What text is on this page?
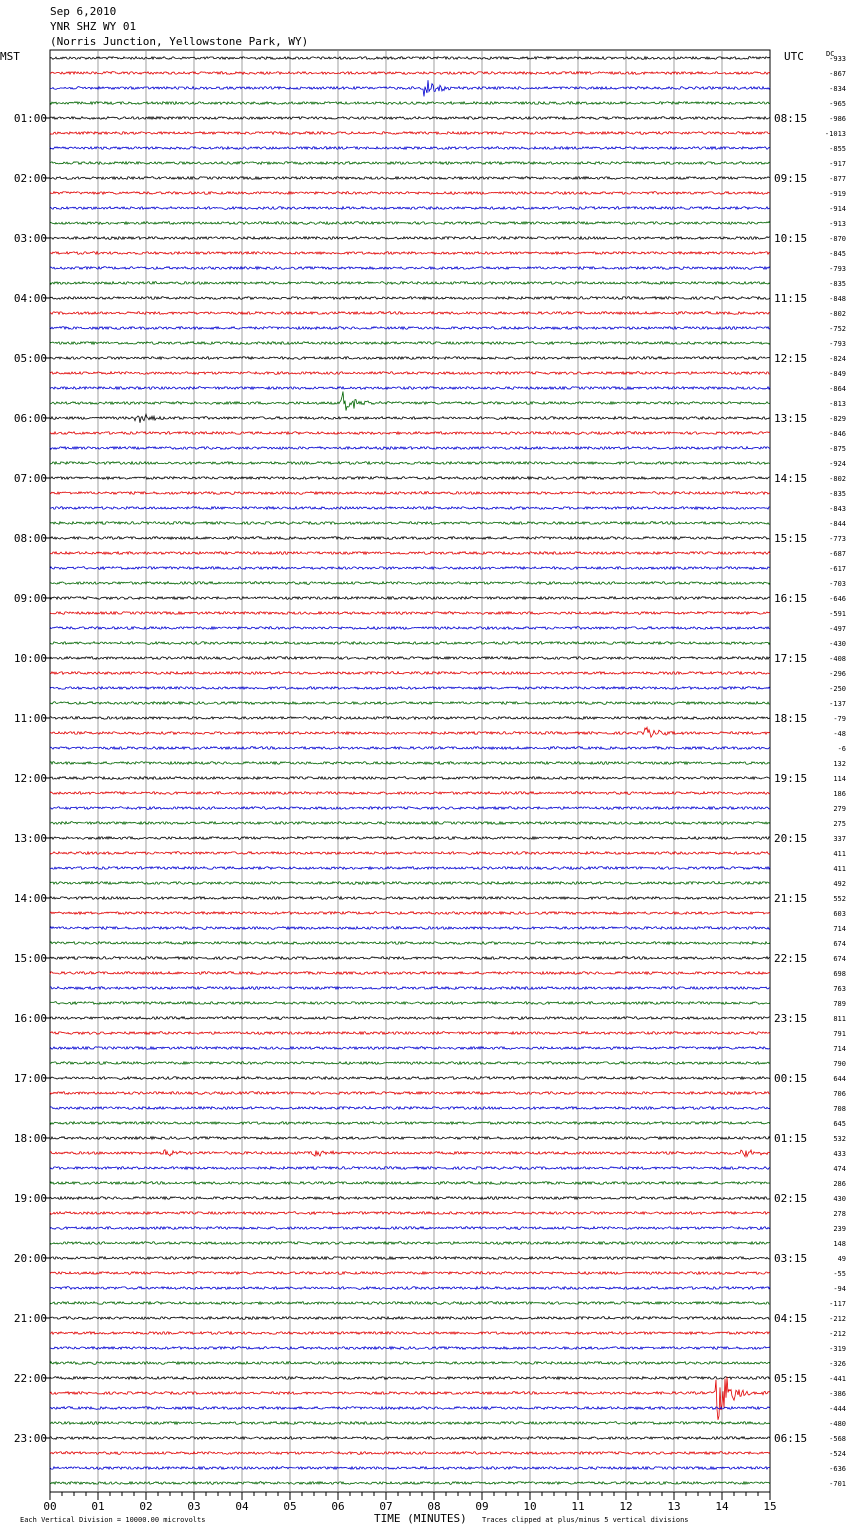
Sep 6,2010
YNR SHZ WY 01
(Norris Junction, Yellowstone Park, WY)
MST	UTC	DC
-933
-867
-834
-965
-986
-1013
-855
-917
-877
-919
-914
-913
-870
-845
-793
-835
-848
-802
-752
-793
-824
-849
-864
-813
-829
-846
-875
-924
-802
-835
-843
-844
-773
-687
-617
-703
-646
-591
-497
-430
-408
-296
-250
-137
-79
-48
-6
132
114
186
279
275
337
411
411
492
552
603
714
674
674
698
763
789
811
791
714
790
644
706
708
645
532
433
474
286
430
278
239
148
49
-55
-94
-117
-212
-212
-319
-326
-441
-386
-444
-480
-568
-524
-636
-701
01:00
02:00
03:00
04:00
05:00
06:00
07:00
08:00
09:00
10:00
11:00
12:00
13:00
14:00
15:00
16:00
17:00
18:00
19:00
20:00
21:00
22:00
23:00
08:15
09:15
10:15
11:15
12:15
13:15
14:15
15:15
16:15
17:15
18:15
19:15
20:15
21:15
22:15
23:15
00:15
01:15
02:15
03:15
04:15
05:15
06:15
00	01	02	03	04	05	06	07	08	09	10	11	12	13	14	15
Each Vertical Division = 10000.00 microvolts	TIME (MINUTES) Traces clipped at plus/minus 5 vertical divisions
